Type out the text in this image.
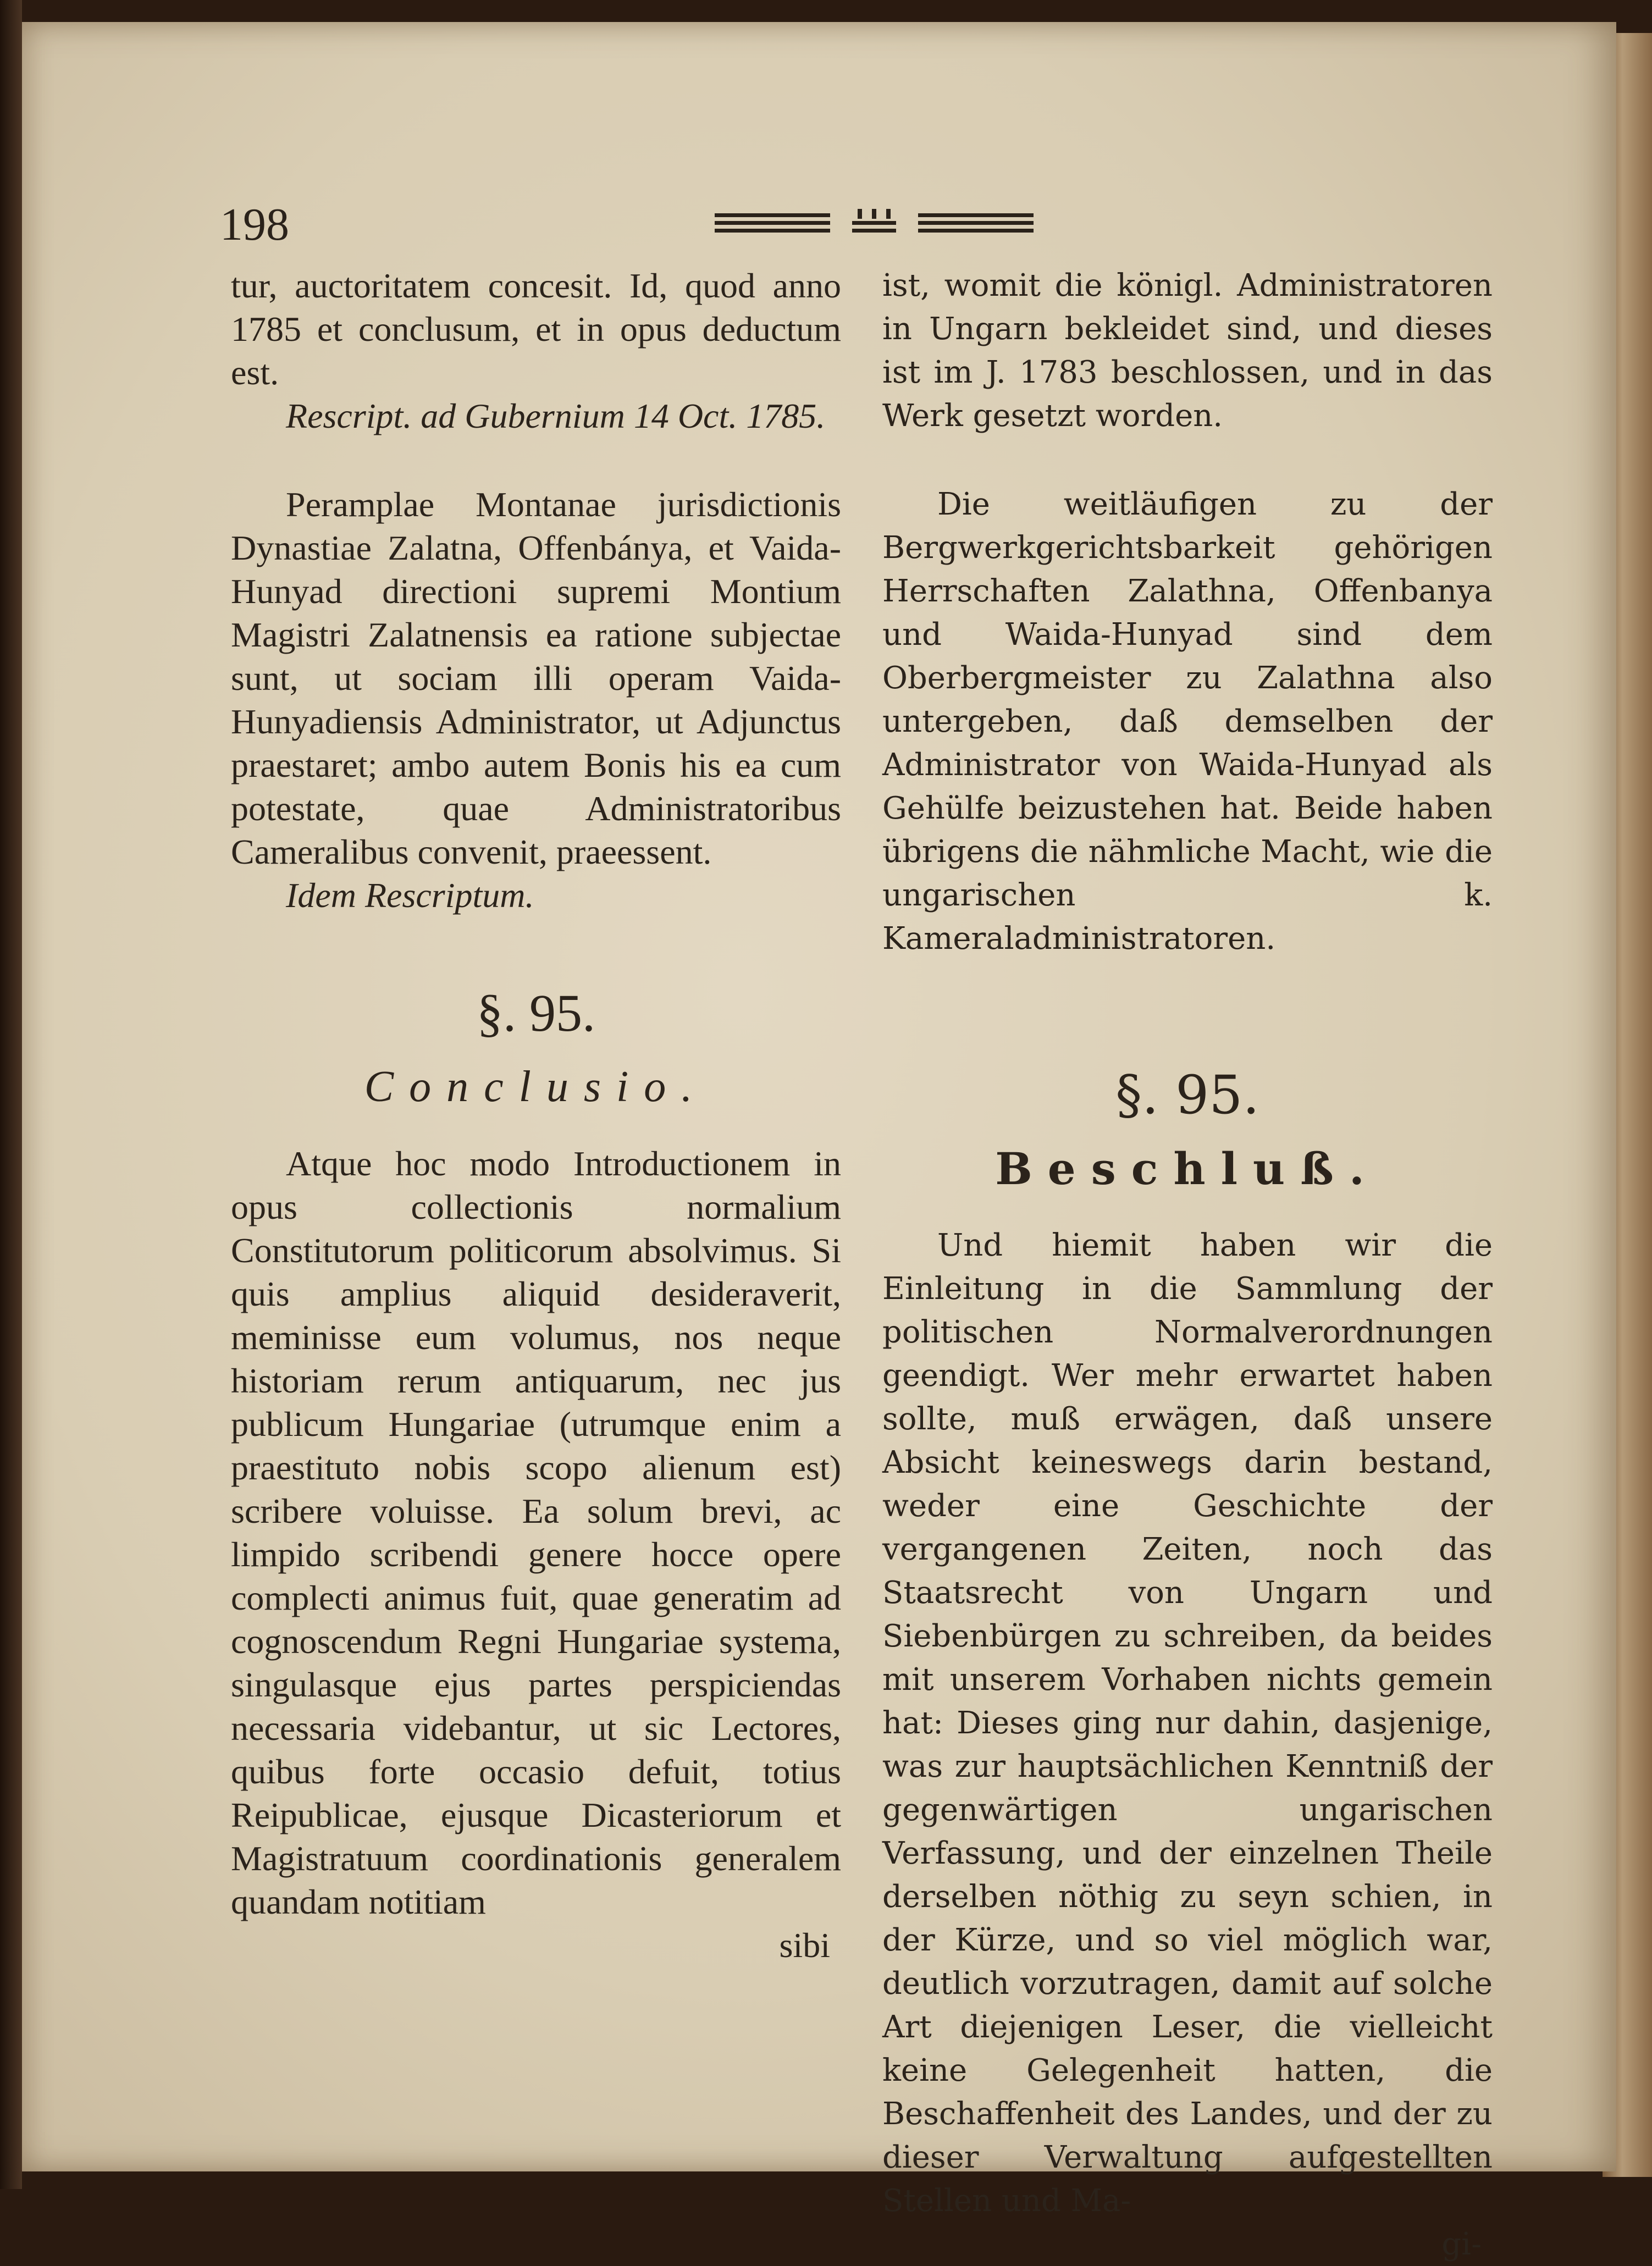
198

tur, auctoritatem concesit. Id, quod anno 1785 et conclusum, et in opus deductum est.

Rescript. ad Gubernium 14 Oct. 1785.

Peramplae Montanae jurisdictionis Dynastiae Zalatna, Offenbánya, et Vaida-Hunyad directioni supremi Montium Magistri Zalatnensis ea ratione subjectae sunt, ut sociam illi operam Vaida-Hunyadiensis Administrator, ut Adjunctus praestaret; ambo autem Bonis his ea cum potestate, quae Administratoribus Cameralibus convenit, praeessent.

Idem Rescriptum.

§. 95.
Conclusio.

Atque hoc modo Introductionem in opus collectionis normalium Constitutorum politicorum absolvimus. Si quis amplius aliquid desideraverit, meminisse eum volumus, nos neque historiam rerum antiquarum, nec jus publicum Hungariae (utrumque enim a praestituto nobis scopo alienum est) scribere voluisse. Ea solum brevi, ac limpido scribendi genere hocce opere complecti animus fuit, quae generatim ad cognoscendum Regni Hungariae systema, singulasque ejus partes perspiciendas necessaria videbantur, ut sic Lectores, quibus forte occasio defuit, totius Reipublicae, ejusque Dicasteriorum et Magistratuum coordinationis generalem quandam notitiam

sibi

ist, womit die königl. Administratoren in Ungarn bekleidet sind, und dieses ist im J. 1783 beschlossen, und in das Werk gesetzt worden.

Die weitläufigen zu der Bergwerkgerichtsbarkeit gehörigen Herrschaften Zalathna, Offenbanya und Waida-Hunyad sind dem Oberbergmeister zu Zalathna also untergeben, daß demselben der Administrator von Waida-Hunyad als Gehülfe beizustehen hat. Beide haben übrigens die nähmliche Macht, wie die ungarischen k. Kameraladministratoren.

§. 95.
Beschluß.

Und hiemit haben wir die Einleitung in die Sammlung der politischen Normalverordnungen geendigt. Wer mehr erwartet haben sollte, muß erwägen, daß unsere Absicht keineswegs darin bestand, weder eine Geschichte der vergangenen Zeiten, noch das Staatsrecht von Ungarn und Siebenbürgen zu schreiben, da beides mit unserem Vorhaben nichts gemein hat: Dieses ging nur dahin, dasjenige, was zur hauptsächlichen Kenntniß der gegenwärtigen ungarischen Verfassung, und der einzelnen Theile derselben nöthig zu seyn schien, in der Kürze, und so viel möglich war, deutlich vorzutragen, damit auf solche Art diejenigen Leser, die vielleicht keine Gelegenheit hatten, die Beschaffenheit des Landes, und der zu dieser Verwaltung aufgestellten Stellen und Ma-

gi-
